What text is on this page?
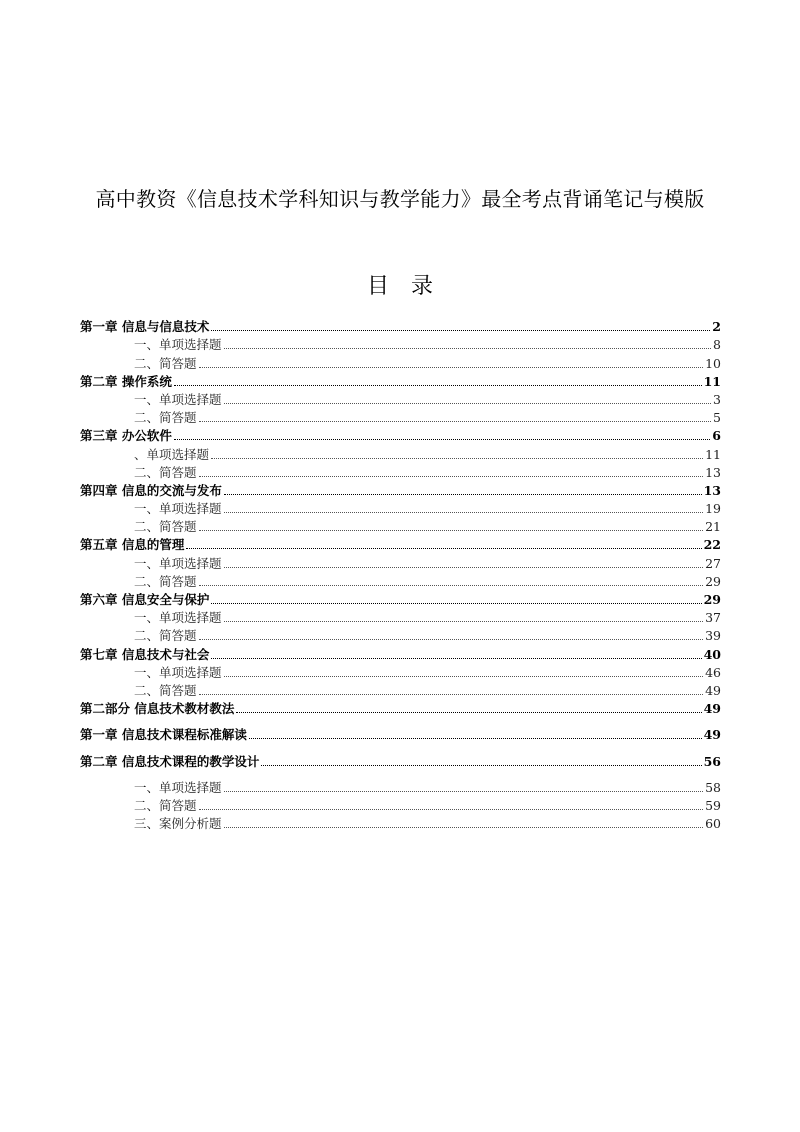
高中教资《信息技术学科知识与教学能力》最全考点背诵笔记与模版
目录
第一章 信息与信息技术	2
一、单项选择题	8
二、简答题	10
第二章 操作系统	11
一、单项选择题	3
二、简答题	5
第三章 办公软件	6
、单项选择题	11
二、简答题	13
第四章 信息的交流与发布	13
一、单项选择题	19
二、简答题	21
第五章 信息的管理	22
一、单项选择题	27
二、简答题	29
第六章 信息安全与保护	29
一、单项选择题	37
二、简答题	39
第七章 信息技术与社会	40
一、单项选择题	46
二、简答题	49
第二部分 信息技术教材教法	49
第一章 信息技术课程标准解读	49
第二章 信息技术课程的教学设计	56
一、单项选择题	58
二、简答题	59
三、案例分析题	60
